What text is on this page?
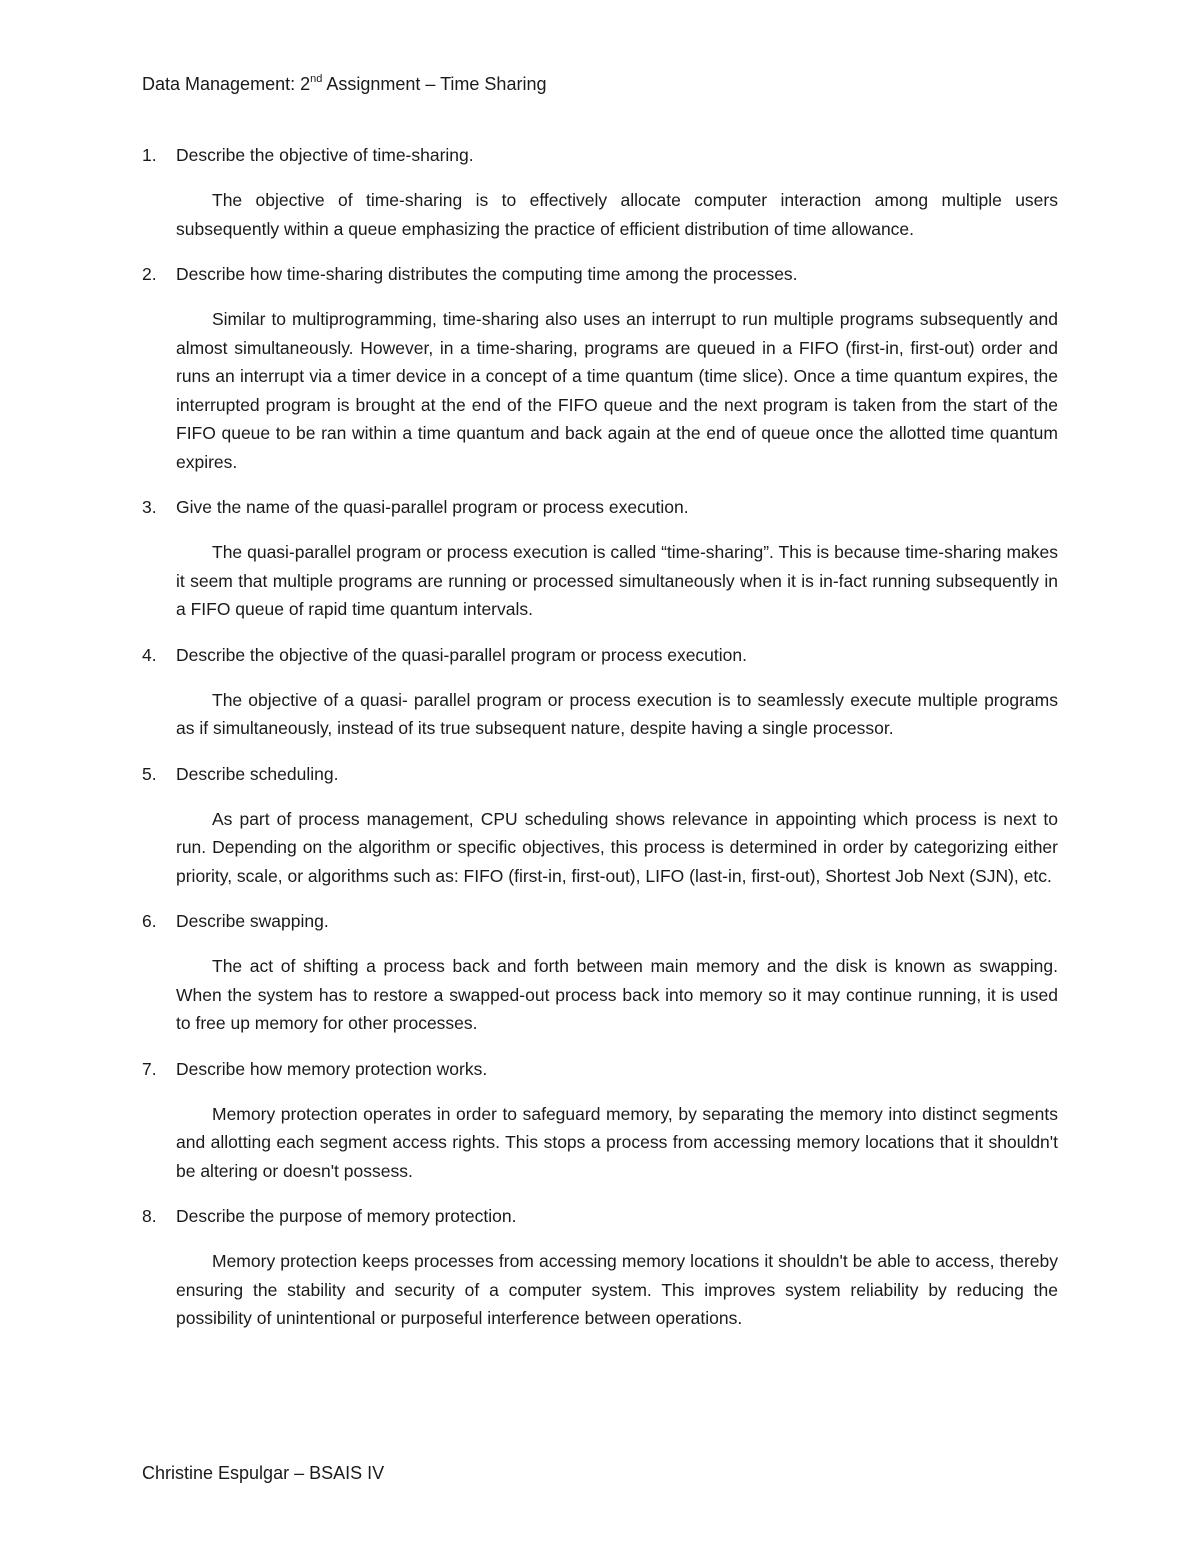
Data Management: 2nd Assignment – Time Sharing

1. Describe the objective of time-sharing.

The objective of time-sharing is to effectively allocate computer interaction among multiple users subsequently within a queue emphasizing the practice of efficient distribution of time allowance.

2. Describe how time-sharing distributes the computing time among the processes.

Similar to multiprogramming, time-sharing also uses an interrupt to run multiple programs subsequently and almost simultaneously. However, in a time-sharing, programs are queued in a FIFO (first-in, first-out) order and runs an interrupt via a timer device in a concept of a time quantum (time slice). Once a time quantum expires, the interrupted program is brought at the end of the FIFO queue and the next program is taken from the start of the FIFO queue to be ran within a time quantum and back again at the end of queue once the allotted time quantum expires.

3. Give the name of the quasi-parallel program or process execution.

The quasi-parallel program or process execution is called “time-sharing”. This is because time-sharing makes it seem that multiple programs are running or processed simultaneously when it is in-fact running subsequently in a FIFO queue of rapid time quantum intervals.

4. Describe the objective of the quasi-parallel program or process execution.

The objective of a quasi- parallel program or process execution is to seamlessly execute multiple programs as if simultaneously, instead of its true subsequent nature, despite having a single processor.

5. Describe scheduling.

As part of process management, CPU scheduling shows relevance in appointing which process is next to run. Depending on the algorithm or specific objectives, this process is determined in order by categorizing either priority, scale, or algorithms such as: FIFO (first-in, first-out), LIFO (last-in, first-out), Shortest Job Next (SJN), etc.

6. Describe swapping.

The act of shifting a process back and forth between main memory and the disk is known as swapping. When the system has to restore a swapped-out process back into memory so it may continue running, it is used to free up memory for other processes.

7. Describe how memory protection works.

Memory protection operates in order to safeguard memory, by separating the memory into distinct segments and allotting each segment access rights. This stops a process from accessing memory locations that it shouldn't be altering or doesn't possess.

8. Describe the purpose of memory protection.

Memory protection keeps processes from accessing memory locations it shouldn't be able to access, thereby ensuring the stability and security of a computer system. This improves system reliability by reducing the possibility of unintentional or purposeful interference between operations.

Christine Espulgar – BSAIS IV
